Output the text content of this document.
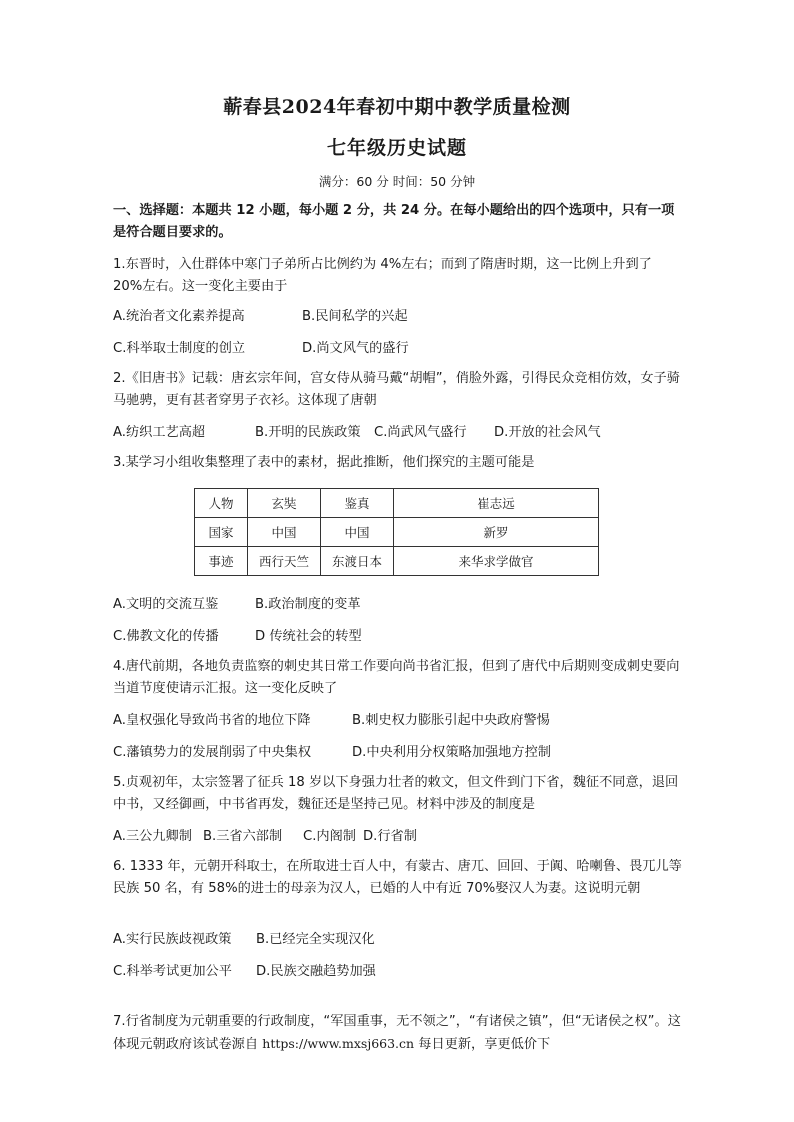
蕲春县2024年春初中期中教学质量检测
七年级历史试题
满分：60 分 时间：50 分钟
一、选择题：本题共 12 小题，每小题 2 分，共 24 分。在每小题给出的四个选项中，只有一项是符合题目要求的。
1.东晋时，入仕群体中寒门子弟所占比例约为 4%左右；而到了隋唐时期，这一比例上升到了 20%左右。这一变化主要由于
A.统治者文化素养提高	B.民间私学的兴起
C.科举取士制度的创立	D.尚文风气的盛行
2.《旧唐书》记载：唐玄宗年间，宫女侍从骑马戴“胡帽”，俏脸外露，引得民众竞相仿效，女子骑马驰骋，更有甚者穿男子衣衫。这体现了唐朝
A.纺织工艺高超	B.开明的民族政策 C.尚武风气盛行 D.开放的社会风气
3.某学习小组收集整理了表中的素材，据此推断，他们探究的主题可能是
人物	玄奘	鉴真	崔志远
国家	中国	中国	新罗
事迹	西行天竺	东渡日本	来华求学做官
A.文明的交流互鉴	B.政治制度的变革
C.佛教文化的传播	D 传统社会的转型
4.唐代前期，各地负责监察的刺史其日常工作要向尚书省汇报，但到了唐代中后期则变成刺史要向当道节度使请示汇报。这一变化反映了
A.皇权强化导致尚书省的地位下降	B.刺史权力膨胀引起中央政府警惕
C.藩镇势力的发展削弱了中央集权	D.中央利用分权策略加强地方控制
5.贞观初年，太宗签署了征兵 18 岁以下身强力壮者的敕文，但文件到门下省，魏征不同意，退回中书，又经御画，中书省再发，魏征还是坚持己见。材料中涉及的制度是
A.三公九卿制 B.三省六部制 C.内阁制 D.行省制
6. 1333 年，元朝开科取士，在所取进士百人中，有蒙古、唐兀、回回、于阗、哈喇鲁、畏兀儿等民族 50 名，有 58%的进士的母亲为汉人，已婚的人中有近 70%娶汉人为妻。这说明元朝
A.实行民族歧视政策 B.已经完全实现汉化
C.科举考试更加公平 D.民族交融趋势加强
7.行省制度为元朝重要的行政制度，“军国重事，无不领之”，“有诸侯之镇”，但“无诸侯之权”。这体现元朝政府该试卷源自 https://www.mxsj663.cn 每日更新，享更低价下
